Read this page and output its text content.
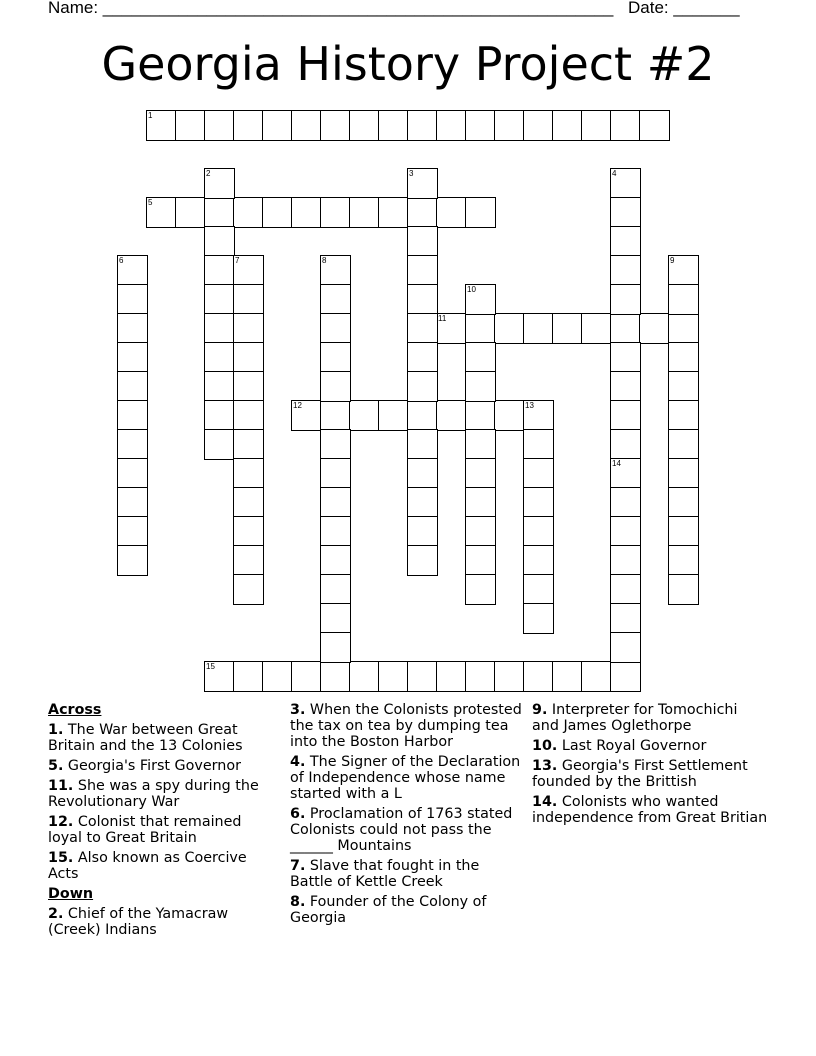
Name: ______________________________________________________ Date: _______
Georgia History Project #2
1
5
11
12	13
15
2	3	4
6	7	8	9
10
14
Across
1. The War between Great Britain and the 13 Colonies
5. Georgia's First Governor
11. She was a spy during the Revolutionary War
12. Colonist that remained loyal to Great Britain
15. Also known as Coercive Acts
Down
2. Chief of the Yamacraw (Creek) Indians
3. When the Colonists protested the tax on tea by dumping tea into the Boston Harbor
4. The Signer of the Declaration of Independence whose name started with a L
6. Proclamation of 1763 stated Colonists could not pass the ______ Mountains
7. Slave that fought in the Battle of Kettle Creek
8. Founder of the Colony of Georgia
9. Interpreter for Tomochichi and James Oglethorpe
10. Last Royal Governor
13. Georgia's First Settlement founded by the Brittish
14. Colonists who wanted independence from Great Britian
